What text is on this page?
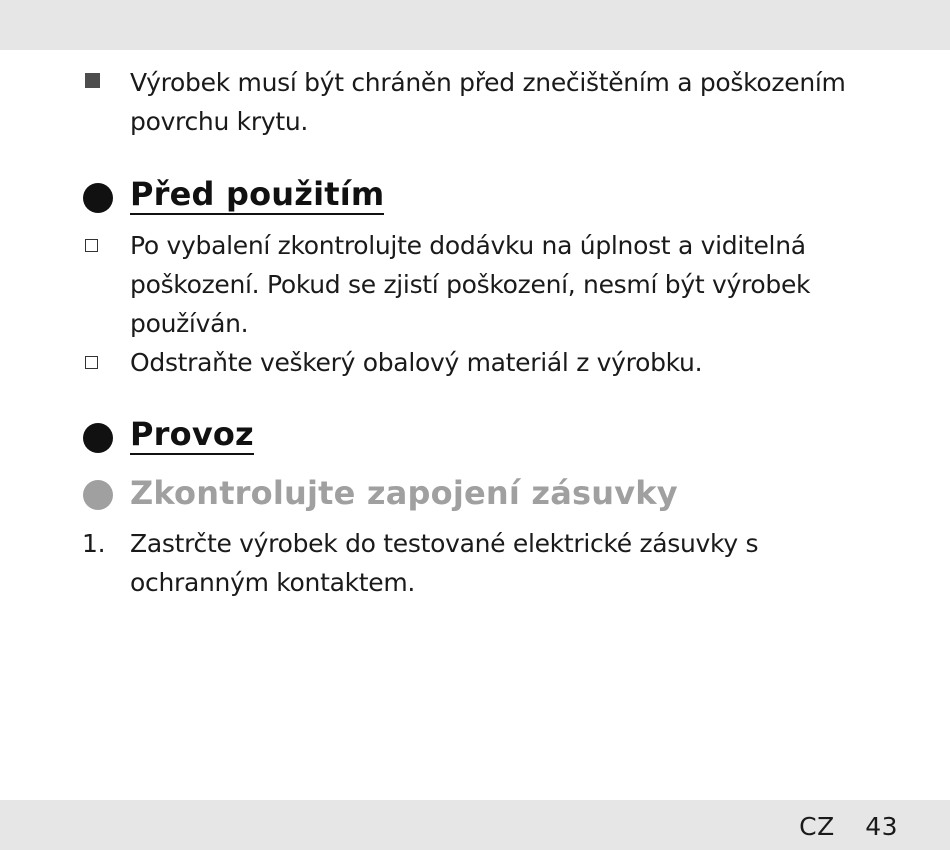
Výrobek musí být chráněn před znečištěním a poškozením povrchu krytu.
Před použitím
Po vybalení zkontrolujte dodávku na úplnost a viditelná poškození. Pokud se zjistí poškození, nesmí být výrobek používán.
Odstraňte veškerý obalový materiál z výrobku.
Provoz
Zkontrolujte zapojení zásuvky
1. Zastrčte výrobek do testované elektrické zásuvky s ochranným kontaktem.
CZ 43
